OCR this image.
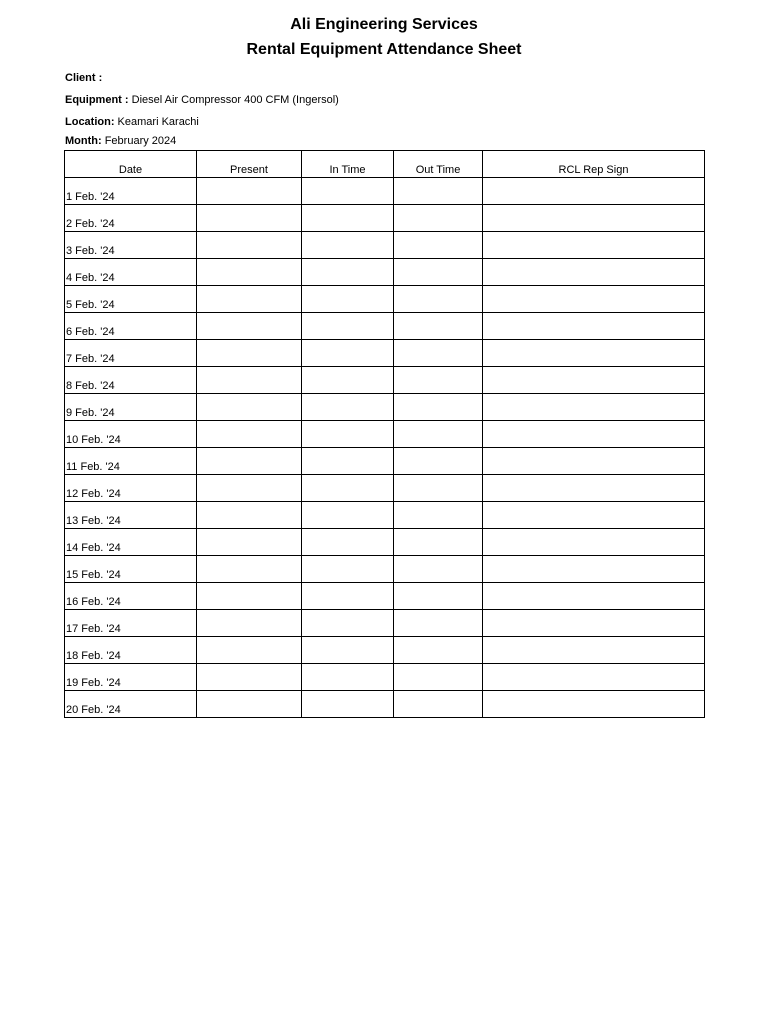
Ali Engineering Services
Rental Equipment Attendance Sheet
Client :
Equipment : Diesel Air Compressor 400 CFM (Ingersol)
Location: Keamari Karachi
Month: February 2024
Date	Present	In Time	Out Time	RCL Rep Sign
1 Feb. '24				
2 Feb. '24				
3 Feb. '24				
4 Feb. '24				
5 Feb. '24				
6 Feb. '24				
7 Feb. '24				
8 Feb. '24				
9 Feb. '24				
10 Feb. '24				
11 Feb. '24				
12 Feb. '24				
13 Feb. '24				
14 Feb. '24				
15 Feb. '24				
16 Feb. '24				
17 Feb. '24				
18 Feb. '24				
19 Feb. '24				
20 Feb. '24				
